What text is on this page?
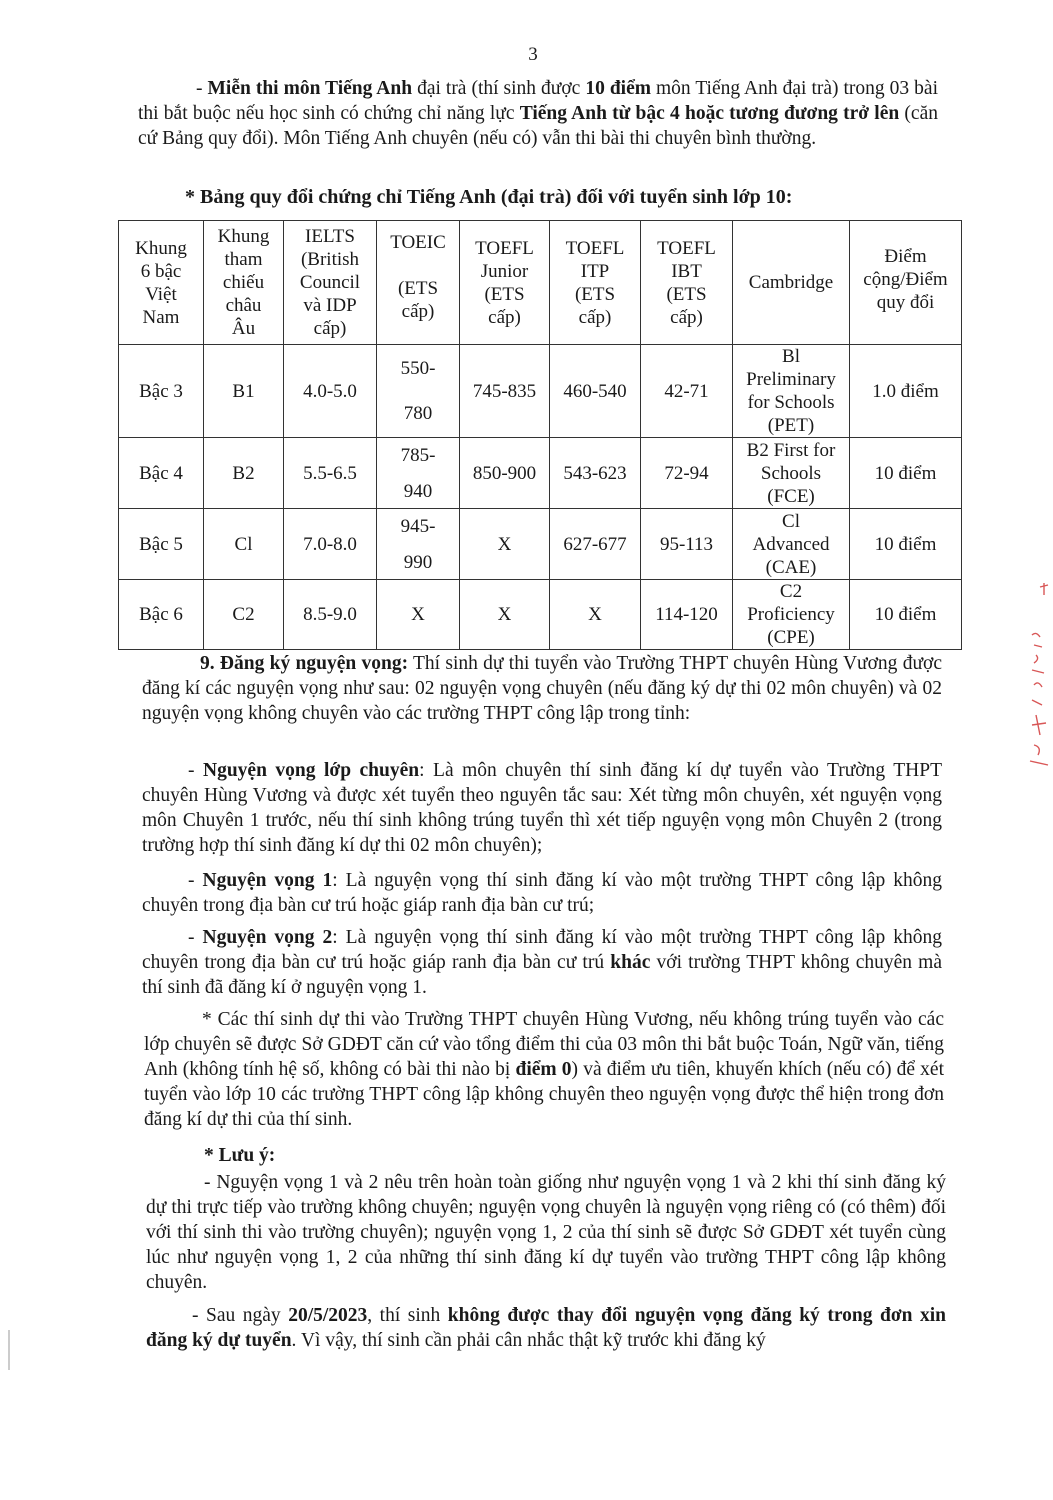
3
- Miễn thi môn Tiếng Anh đại trà (thí sinh được 10 điểm môn Tiếng Anh đại trà) trong 03 bài thi bắt buộc nếu học sinh có chứng chỉ năng lực Tiếng Anh từ bậc 4 hoặc tương đương trở lên (căn cứ Bảng quy đổi). Môn Tiếng Anh chuyên (nếu có) vẫn thi bài thi chuyên bình thường.
* Bảng quy đổi chứng chỉ Tiếng Anh (đại trà) đối với tuyển sinh lớp 10:
Khung
6 bậc
Việt
Nam	Khung
tham
chiếu
châu
Âu	IELTS
(British
Council
và IDP
cấp)	TOEIC
(ETS
cấp)	TOEFL
Junior
(ETS
cấp)	TOEFL
ITP
(ETS
cấp)	TOEFL
IBT
(ETS
cấp)	Cambridge	Điểm
cộng/Điểm
quy đổi
Bậc 3	B1	4.0-5.0	550-
780	745-835	460-540	42-71	Bl
Preliminary
for Schools
(PET)	1.0 điểm
Bậc 4	B2	5.5-6.5	785-
940	850-900	543-623	72-94	B2 First for
Schools
(FCE)	10 điểm
Bậc 5	Cl	7.0-8.0	945-
990	X	627-677	95-113	Cl
Advanced
(CAE)	10 điểm
Bậc 6	C2	8.5-9.0	X	X	X	114-120	C2
Proficiency
(CPE)	10 điểm
9. Đăng ký nguyện vọng: Thí sinh dự thi tuyển vào Trường THPT chuyên Hùng Vương được đăng kí các nguyện vọng như sau: 02 nguyện vọng chuyên (nếu đăng ký dự thi 02 môn chuyên) và 02 nguyện vọng không chuyên vào các trường THPT công lập trong tỉnh:
- Nguyện vọng lớp chuyên: Là môn chuyên thí sinh đăng kí dự tuyển vào Trường THPT chuyên Hùng Vương và được xét tuyển theo nguyên tắc sau: Xét từng môn chuyên, xét nguyện vọng môn Chuyên 1 trước, nếu thí sinh không trúng tuyển thì xét tiếp nguyện vọng môn Chuyên 2 (trong trường hợp thí sinh đăng kí dự thi 02 môn chuyên);
- Nguyện vọng 1: Là nguyện vọng thí sinh đăng kí vào một trường THPT công lập không chuyên trong địa bàn cư trú hoặc giáp ranh địa bàn cư trú;
- Nguyện vọng 2: Là nguyện vọng thí sinh đăng kí vào một trường THPT công lập không chuyên trong địa bàn cư trú hoặc giáp ranh địa bàn cư trú khác với trường THPT không chuyên mà thí sinh đã đăng kí ở nguyện vọng 1.
* Các thí sinh dự thi vào Trường THPT chuyên Hùng Vương, nếu không trúng tuyển vào các lớp chuyên sẽ được Sở GDĐT căn cứ vào tổng điểm thi của 03 môn thi bắt buộc Toán, Ngữ văn, tiếng Anh (không tính hệ số, không có bài thi nào bị điểm 0) và điểm ưu tiên, khuyến khích (nếu có) để xét tuyển vào lớp 10 các trường THPT công lập không chuyên theo nguyện vọng được thể hiện trong đơn đăng kí dự thi của thí sinh.
* Lưu ý:
- Nguyện vọng 1 và 2 nêu trên hoàn toàn giống như nguyện vọng 1 và 2 khi thí sinh đăng ký dự thi trực tiếp vào trường không chuyên; nguyện vọng chuyên là nguyện vọng riêng có (có thêm) đối với thí sinh thi vào trường chuyên); nguyện vọng 1, 2 của thí sinh sẽ được Sở GDĐT xét tuyển cùng lúc như nguyện vọng 1, 2 của những thí sinh đăng kí dự tuyển vào trường THPT công lập không chuyên.
- Sau ngày 20/5/2023, thí sinh không được thay đổi nguyện vọng đăng ký trong đơn xin đăng ký dự tuyển. Vì vậy, thí sinh cần phải cân nhắc thật kỹ trước khi đăng ký
